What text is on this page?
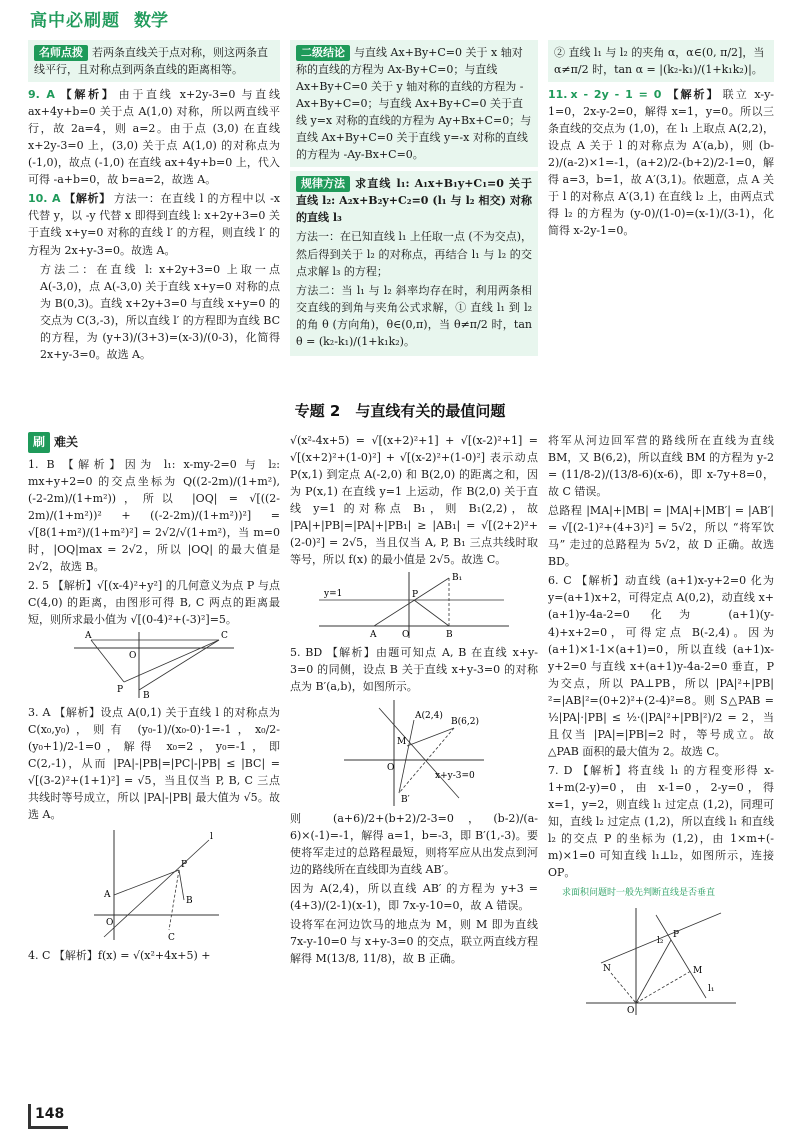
高中必刷题 数学
名师点拨 若两条直线关于点对称，则这两条直线平行，且对称点到两条直线的距离相等。

9. A 【解析】 由于直线 x+2y-3=0 与直线 ax+4y+b=0 关于点 A(1,0) 对称，所以两直线平行，故 2a=4，则 a=2。由于点 (3,0) 在直线 x+2y-3=0 上，(3,0) 关于点 A(1,0) 的对称点为 (-1,0)，故点 (-1,0) 在直线 ax+4y+b=0 上，代入可得 -a+b=0，故 b=a=2，故选 A。

10. A 【解析】 方法一：在直线 l 的方程中以 -x 代替 y，以 -y 代替 x 即得到直线 l: x+2y+3=0 关于直线 x+y=0 对称的直线 l′ 的方程，则直线 l′ 的方程为 2x+y-3=0。故选 A。

方法二：在直线 l: x+2y+3=0 上取一点 A(-3,0)，点 A(-3,0) 关于直线 x+y=0 对称的点为 B(0,3)。直线 x+2y+3=0 与直线 x+y=0 的交点为 C(3,-3)，所以直线 l′ 的方程即为直线 BC 的方程，为 (y+3)/(3+3)=(x-3)/(0-3)，化简得 2x+y-3=0。故选 A。

二级结论 与直线 Ax+By+C=0 关于 x 轴对称的直线的方程为 Ax-By+C=0；与直线 Ax+By+C=0 关于 y 轴对称的直线的方程为 -Ax+By+C=0；与直线 Ax+By+C=0 关于直线 y=x 对称的直线的方程为 Ay+Bx+C=0；与直线 Ax+By+C=0 关于直线 y=-x 对称的直线的方程为 -Ay-Bx+C=0。

规律方法 求直线 l₁: A₁x+B₁y+C₁=0 关于直线 l₂: A₂x+B₂y+C₂=0 (l₁ 与 l₂ 相交) 对称的直线 l₃

方法一：在已知直线 l₁ 上任取一点 (不为交点)，然后得到关于 l₂ 的对称点，再结合 l₁ 与 l₂ 的交点求解 l₃ 的方程；

方法二：当 l₁ 与 l₂ 斜率均存在时，利用两条相交直线的到角与夹角公式求解，① 直线 l₁ 到 l₂ 的角 θ (方向角)，θ∈(0,π)，当 θ≠π/2 时，tan θ = (k₂-k₁)/(1+k₁k₂)。

② 直线 l₁ 与 l₂ 的夹角 α，α∈(0, π/2]，当 α≠π/2 时，tan α = |(k₂-k₁)/(1+k₁k₂)|。

11. x - 2y - 1 = 0 【解析】 联立 x-y-1=0，2x-y-2=0，解得 x=1，y=0。所以三条直线的交点为 (1,0)，在 l₁ 上取点 A(2,2)，设点 A 关于 l 的对称点为 A′(a,b)，则 (b-2)/(a-2)×1=-1，(a+2)/2-(b+2)/2-1=0，解得 a=3，b=1，故 A′(3,1)。依题意，点 A 关于 l 的对称点 A′(3,1) 在直线 l₂ 上，由两点式得 l₂ 的方程为 (y-0)/(1-0)=(x-1)/(3-1)，化简得 x-2y-1=0。

专题 2　与直线有关的最值问题
刷 难关

1. B 【解析】因为 l₁: x-my-2=0 与 l₂: mx+y+2=0 的交点坐标为 Q((2-2m)/(1+m²), (-2-2m)/(1+m²))，所以 |OQ| = √[((2-2m)/(1+m²))² + ((-2-2m)/(1+m²))²] = √[8(1+m²)/(1+m²)²] = 2√2/√(1+m²)，当 m=0 时，|OQ|max = 2√2，所以 |OQ| 的最大值是 2√2，故选 B。

2. 5 【解析】√[(x-4)²+y²] 的几何意义为点 P 与点 C(4,0) 的距离，由图形可得 B, C 两点的距离最短，则所求最小值为 √[(0-4)²+(-3)²]=5。

A	C
O
P
B

3. A 【解析】设点 A(0,1) 关于直线 l 的对称点为 C(x₀,y₀)，则有 (y₀-1)/(x₀-0)·1=-1，x₀/2-(y₀+1)/2-1=0，解得 x₀=2，y₀=-1，即 C(2,-1)，从而 |PA|-|PB|=|PC|-|PB| ≤ |BC| = √[(3-2)²+(1+1)²] = √5，当且仅当 P, B, C 三点共线时等号成立，所以 |PA|-|PB| 最大值为 √5。故选 A。

A
P
B
C
O
l

4. C 【解析】f(x) = √(x²+4x+5) +

√(x²-4x+5) = √[(x+2)²+1] + √[(x-2)²+1] = √[(x+2)²+(1-0)²] + √[(x-2)²+(1-0)²] 表示动点 P(x,1) 到定点 A(-2,0) 和 B(2,0) 的距离之和，因为 P(x,1) 在直线 y=1 上运动，作 B(2,0) 关于直线 y=1 的对称点 B₁，则 B₁(2,2)，故 |PA|+|PB|=|PA|+|PB₁| ≥ |AB₁| = √[(2+2)²+(2-0)²] = 2√5，当且仅当 A, P, B₁ 三点共线时取等号，所以 f(x) 的最小值是 2√5。故选 C。

y=1
B₁
P
A	O	B

5. BD 【解析】由题可知点 A, B 在直线 x+y-3=0 的同侧，设点 B 关于直线 x+y-3=0 的对称点为 B′(a,b)，如图所示。

A(2,4)
B(6,2)
M
O
B′
x+y-3=0

则 (a+6)/2+(b+2)/2-3=0，(b-2)/(a-6)×(-1)=-1，解得 a=1，b=-3，即 B′(1,-3)。要使将军走过的总路程最短，则将军应从出发点到河边的路线所在直线即为直线 AB′。

因为 A(2,4)，所以直线 AB′ 的方程为 y+3 = (4+3)/(2-1)(x-1)，即 7x-y-10=0，故 A 错误。

设将军在河边饮马的地点为 M，则 M 即为直线 7x-y-10=0 与 x+y-3=0 的交点，联立两直线方程解得 M(13/8, 11/8)，故 B 正确。

将军从河边回军营的路线所在直线为直线 BM，又 B(6,2)，所以直线 BM 的方程为 y-2 = (11/8-2)/(13/8-6)(x-6)，即 x-7y+8=0，故 C 错误。

总路程 |MA|+|MB| = |MA|+|MB′| = |AB′| = √[(2-1)²+(4+3)²] = 5√2，所以 “将军饮马” 走过的总路程为 5√2，故 D 正确。故选 BD。

6. C 【解析】动直线 (a+1)x-y+2=0 化为 y=(a+1)x+2，可得定点 A(0,2)，动直线 x+(a+1)y-4a-2=0 化为 (a+1)(y-4)+x+2=0，可得定点 B(-2,4)。因为 (a+1)×1-1×(a+1)=0，所以直线 (a+1)x-y+2=0 与直线 x+(a+1)y-4a-2=0 垂直，P 为交点，所以 PA⊥PB，所以 |PA|²+|PB|²=|AB|²=(0+2)²+(2-4)²=8。则 S△PAB = ½|PA|·|PB| ≤ ½·(|PA|²+|PB|²)/2 = 2，当且仅当 |PA|=|PB|=2 时，等号成立。故 △PAB 面积的最大值为 2。故选 C。

7. D 【解析】将直线 l₁ 的方程变形得 x-1+m(2-y)=0，由 x-1=0，2-y=0，得 x=1，y=2，则直线 l₁ 过定点 (1,2)，同理可知，直线 l₂ 过定点 (1,2)，所以直线 l₁ 和直线 l₂ 的交点 P 的坐标为 (1,2)，由 1×m+(-m)×1=0 可知直线 l₁⊥l₂，如图所示，连接 OP。

求面积问题时一般先判断直线是否垂直
P
N	M
O
l₁
l₂
148
